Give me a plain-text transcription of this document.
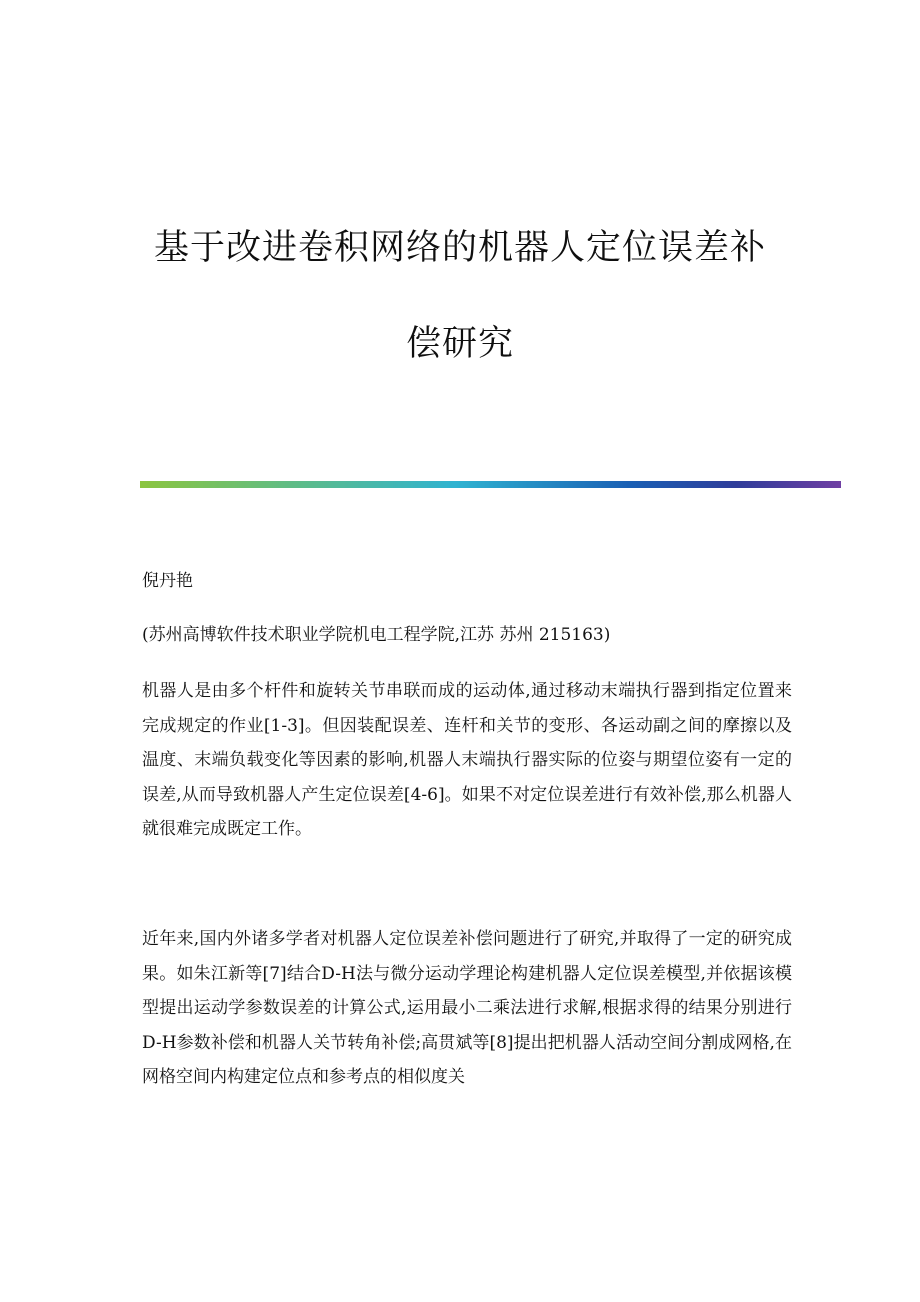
基于改进卷积网络的机器人定位误差补
偿研究

倪丹艳

(苏州高博软件技术职业学院机电工程学院,江苏 苏州 215163)

机器人是由多个杆件和旋转关节串联而成的运动体,通过移动末端执行器到指定位置来完成规定的作业[1-3]。但因装配误差、连杆和关节的变形、各运动副之间的摩擦以及温度、末端负载变化等因素的影响,机器人末端执行器实际的位姿与期望位姿有一定的误差,从而导致机器人产生定位误差[4-6]。如果不对定位误差进行有效补偿,那么机器人就很难完成既定工作。

近年来,国内外诸多学者对机器人定位误差补偿问题进行了研究,并取得了一定的研究成果。如朱江新等[7]结合D-H法与微分运动学理论构建机器人定位误差模型,并依据该模型提出运动学参数误差的计算公式,运用最小二乘法进行求解,根据求得的结果分别进行D-H参数补偿和机器人关节转角补偿;高贯斌等[8]提出把机器人活动空间分割成网格,在网格空间内构建定位点和参考点的相似度关
